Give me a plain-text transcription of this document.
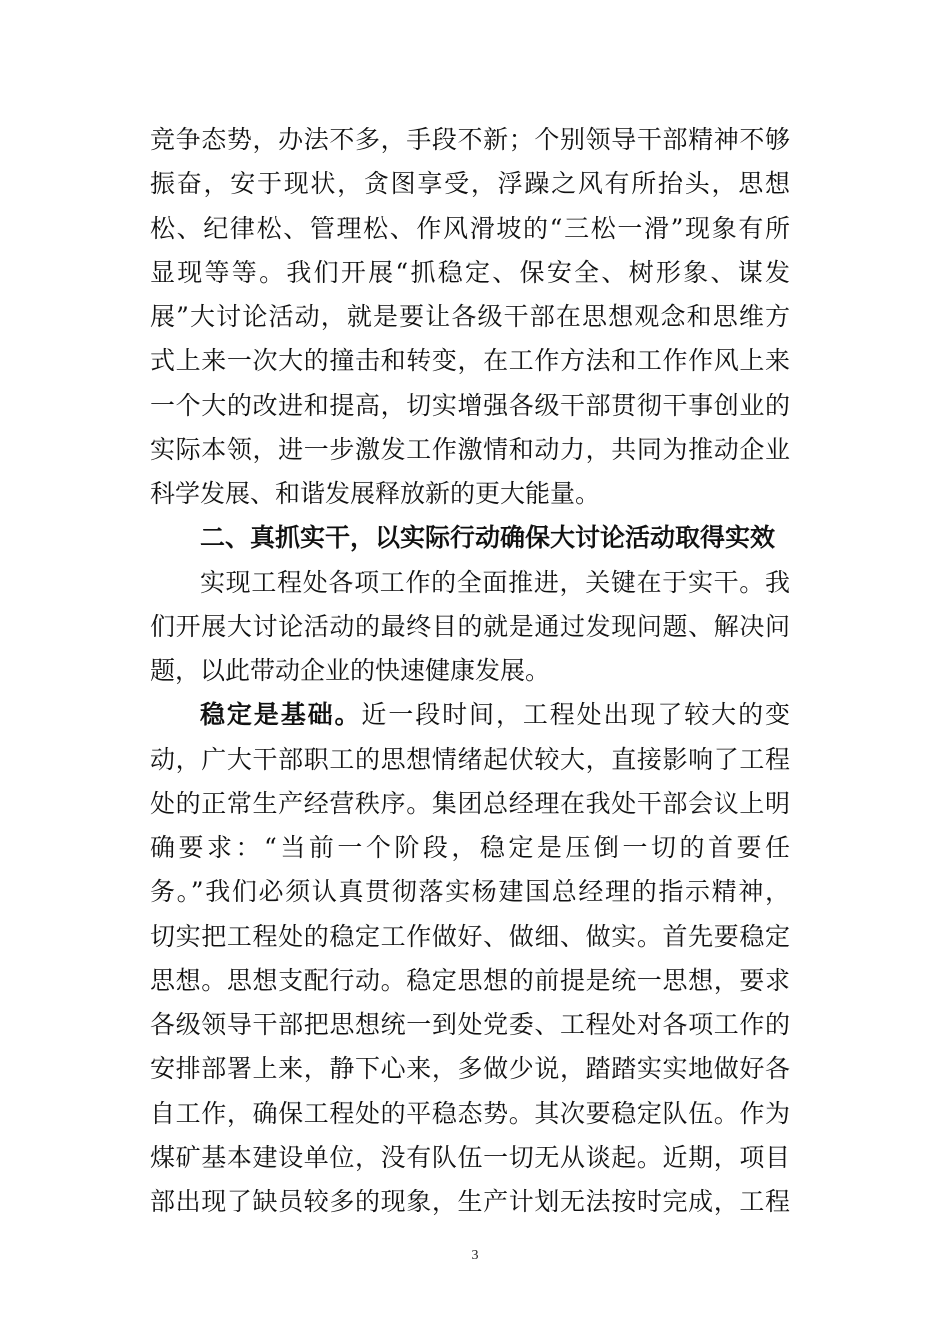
竞争态势，办法不多，手段不新；个别领导干部精神不够
振奋，安于现状，贪图享受，浮躁之风有所抬头，思想
松、纪律松、管理松、作风滑坡的“三松一滑”现象有所
显现等等。我们开展“抓稳定、保安全、树形象、谋发
展”大讨论活动，就是要让各级干部在思想观念和思维方
式上来一次大的撞击和转变，在工作方法和工作作风上来
一个大的改进和提高，切实增强各级干部贯彻干事创业的
实际本领，进一步激发工作激情和动力，共同为推动企业
科学发展、和谐发展释放新的更大能量。
二、真抓实干，以实际行动确保大讨论活动取得实效
实现工程处各项工作的全面推进，关键在于实干。我
们开展大讨论活动的最终目的就是通过发现问题、解决问
题，以此带动企业的快速健康发展。
稳定是基础。近一段时间，工程处出现了较大的变
动，广大干部职工的思想情绪起伏较大，直接影响了工程
处的正常生产经营秩序。集团总经理在我处干部会议上明
确要求：“当前一个阶段，稳定是压倒一切的首要任
务。”我们必须认真贯彻落实杨建国总经理的指示精神，
切实把工程处的稳定工作做好、做细、做实。首先要稳定
思想。思想支配行动。稳定思想的前提是统一思想，要求
各级领导干部把思想统一到处党委、工程处对各项工作的
安排部署上来，静下心来，多做少说，踏踏实实地做好各
自工作，确保工程处的平稳态势。其次要稳定队伍。作为
煤矿基本建设单位，没有队伍一切无从谈起。近期，项目
部出现了缺员较多的现象，生产计划无法按时完成，工程
3
